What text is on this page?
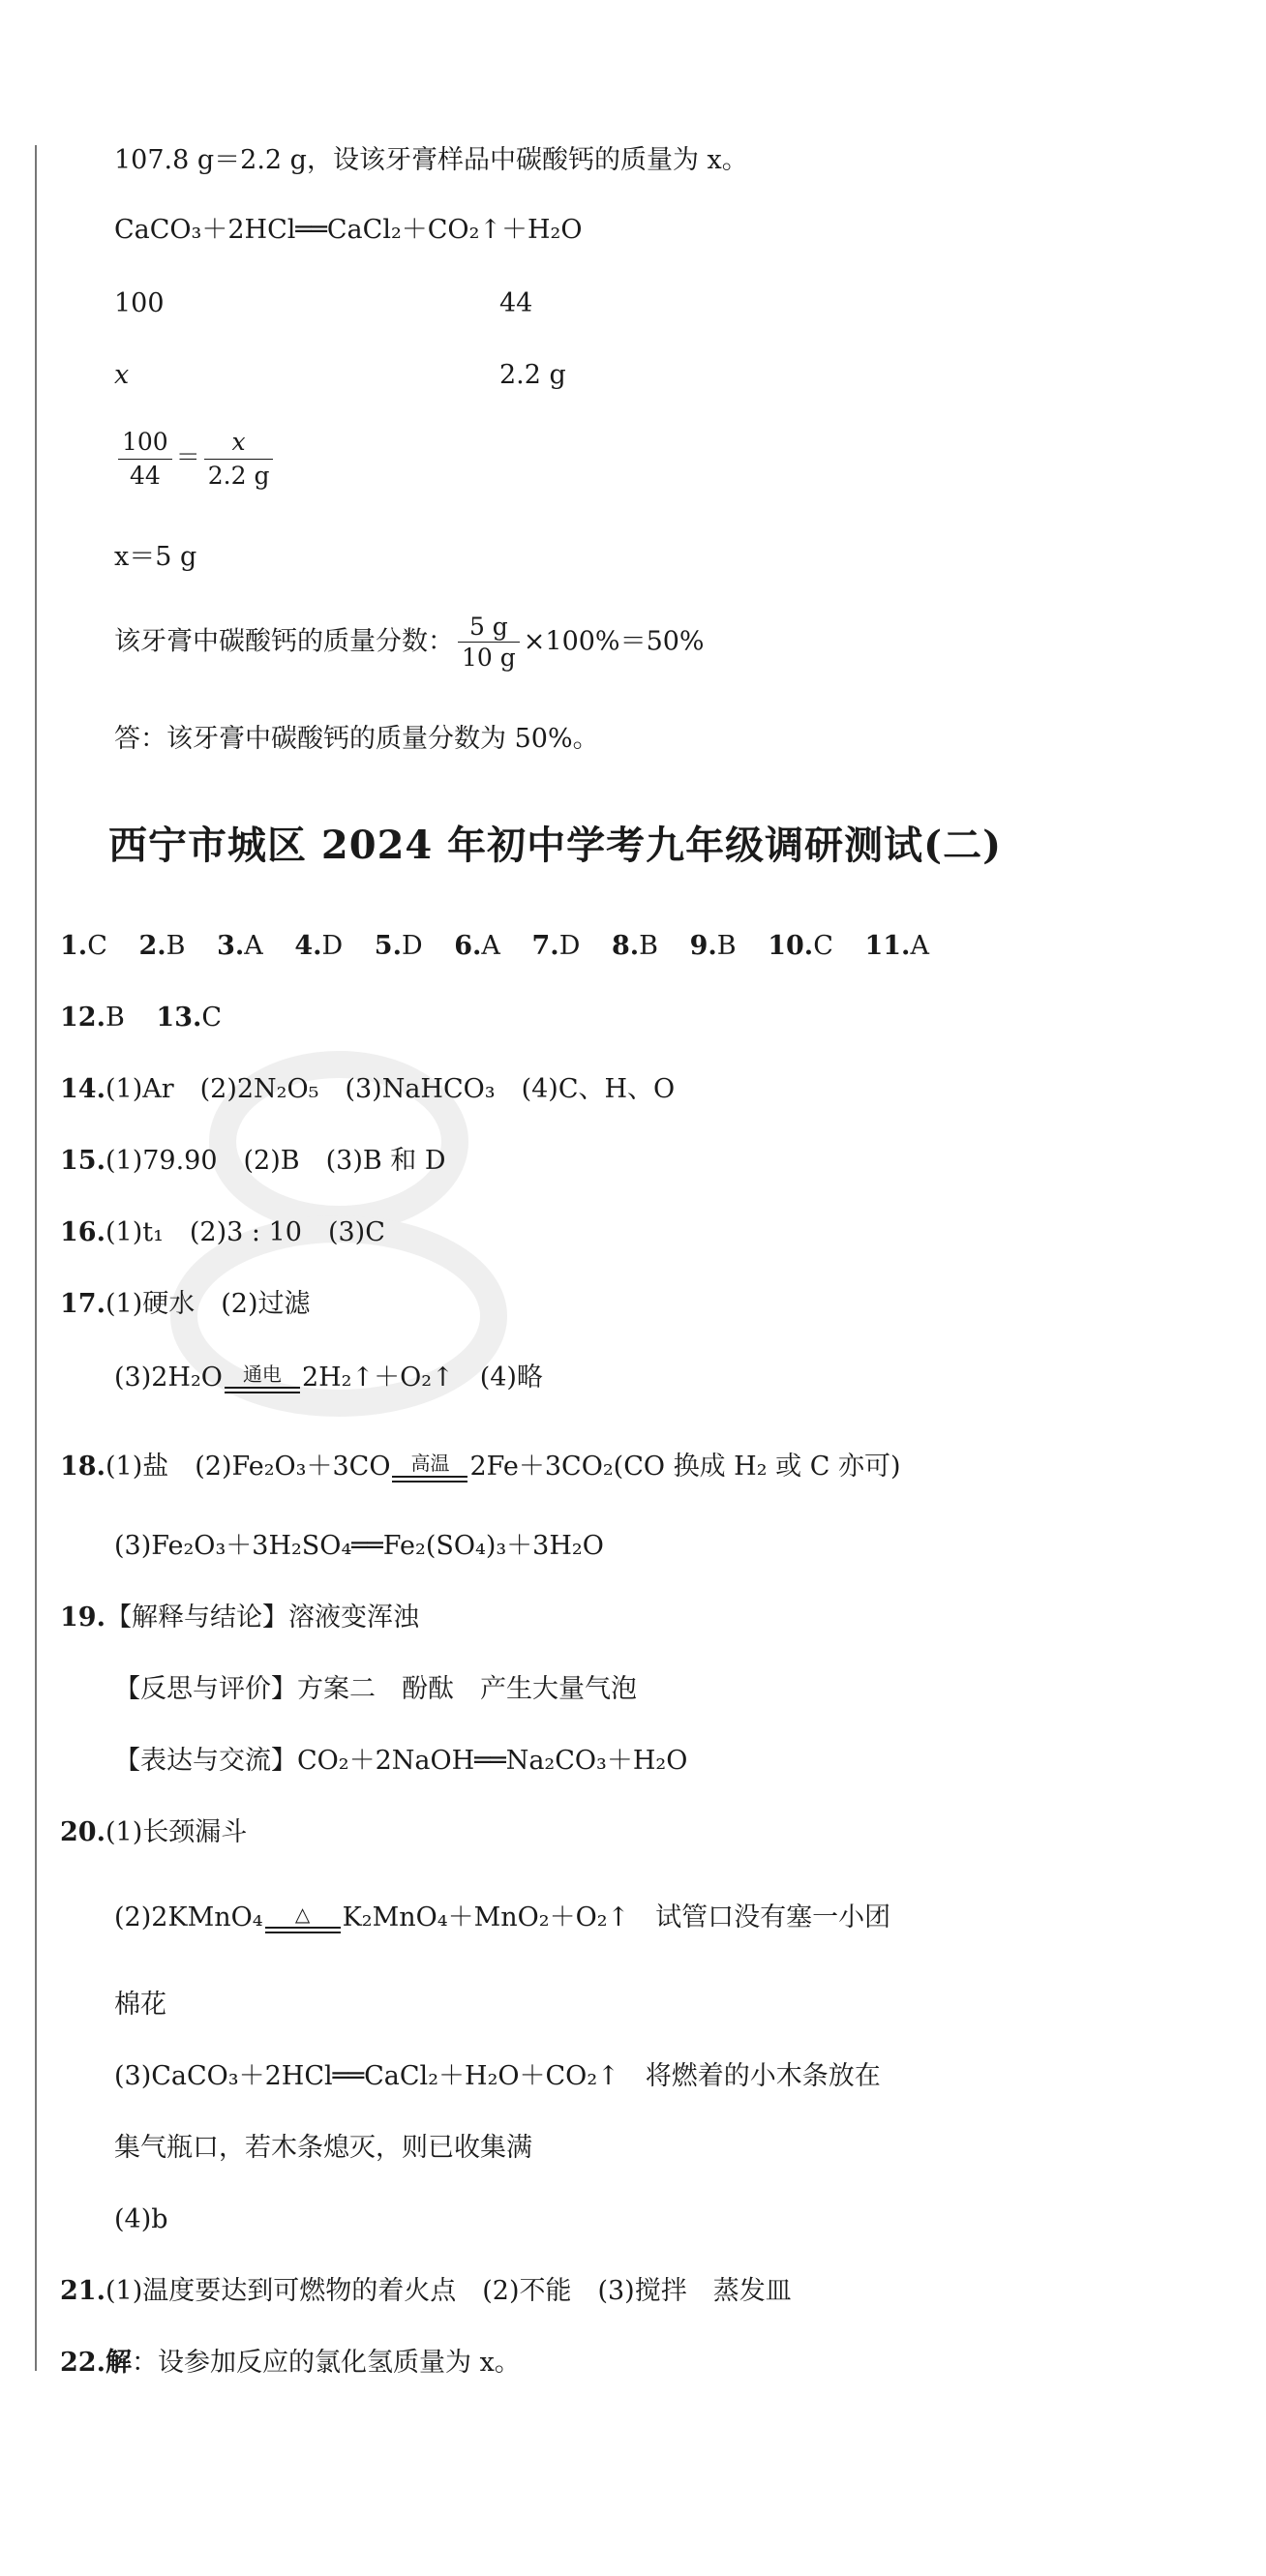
107.8 g＝2.2 g，设该牙膏样品中碳酸钙的质量为 x。
CaCO₃＋2HCl══CaCl₂＋CO₂↑＋H₂O
100	44
x	2.2 g
$\frac{100}{44} = \frac{x}{2.2 g}$
x＝5 g
该牙膏中碳酸钙的质量分数： $\frac{5 g}{10 g} \times 100\%=50\%$
答：该牙膏中碳酸钙的质量分数为 50%。
西宁市城区 2024 年初中学考九年级调研测试(二)
1.C 2.B 3.A 4.D 5.D 6.A 7.D 8.B 9.B 10.C 11.A
12.B 13.C
14.(1)Ar　(2)2N₂O₅　(3)NaHCO₃　(4)C、H、O
15.(1)79.90　(2)B　(3)B 和 D
16.(1)t₁　(2)3 : 10　(3)C
17.(1)硬水　(2)过滤
(3)2H₂O 通电 2H₂↑＋O₂↑　(4)略
18.(1)盐　(2)Fe₂O₃＋3CO 高温 2Fe＋3CO₂(CO 换成 H₂ 或 C 亦可)
(3)Fe₂O₃＋3H₂SO₄══Fe₂(SO₄)₃＋3H₂O
19.【解释与结论】溶液变浑浊
【反思与评价】方案二　酚酞　产生大量气泡
【表达与交流】CO₂＋2NaOH══Na₂CO₃＋H₂O
20.(1)长颈漏斗
(2)2KMnO₄ △ K₂MnO₄＋MnO₂＋O₂↑　试管口没有塞一小团
棉花
(3)CaCO₃＋2HCl══CaCl₂＋H₂O＋CO₂↑　将燃着的小木条放在
集气瓶口，若木条熄灭，则已收集满
(4)b
21.(1)温度要达到可燃物的着火点　(2)不能　(3)搅拌　蒸发皿
22.解：设参加反应的氯化氢质量为 x。
